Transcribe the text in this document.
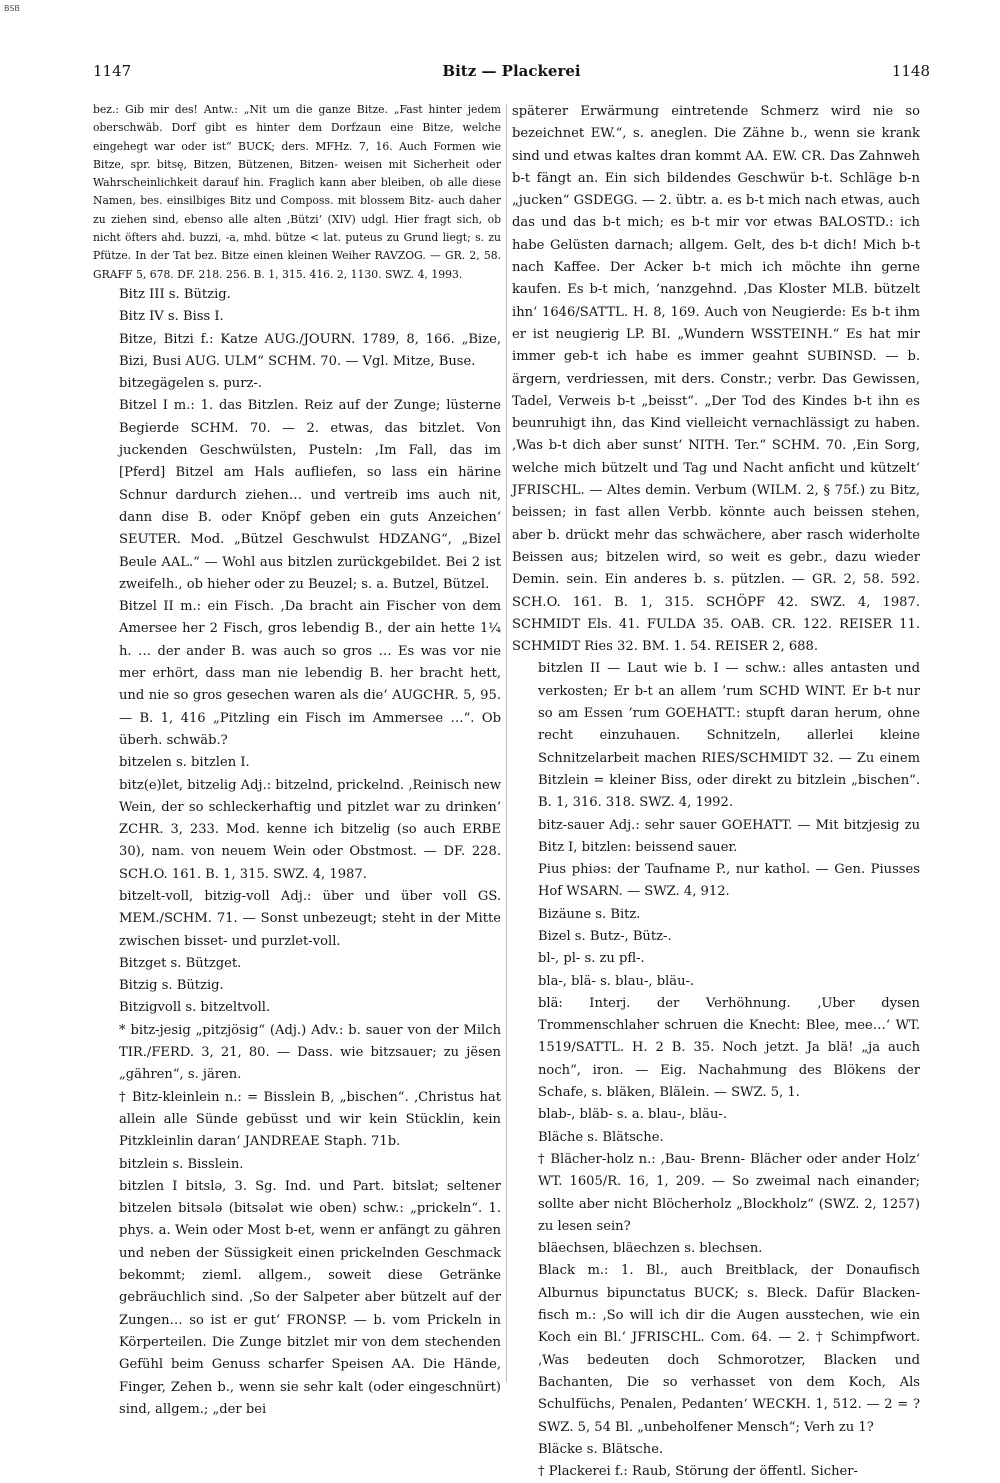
BSB
1147	Bitz — Plackerei	1148

bez.: Gib mir des! Antw.: „Nit um die ganze Bitze. „Fast hinter jedem oberschwäb. Dorf gibt es hinter dem Dorfzaun eine Bitze, welche eingehegt war oder ist“ BUCK; ders. MFHz. 7, 16. Auch Formen wie Bitze, spr. bitsę, Bitzen, Bützenen, Bitzen- weisen mit Sicherheit oder Wahrscheinlichkeit darauf hin. Fraglich kann aber bleiben, ob alle diese Namen, bes. einsilbiges Bitz und Composs. mit blossem Bitz- auch daher zu ziehen sind, ebenso alle alten ‚Bützi‘ (XIV) udgl. Hier fragt sich, ob nicht öfters ahd. buzzi, -a, mhd. bütze < lat. puteus zu Grund liegt; s. zu Pfütze. In der Tat bez. Bitze einen kleinen Weiher RAVZOG. — GR. 2, 58. GRAFF 5, 678. DF. 218. 256. B. 1, 315. 416. 2, 1130. SWZ. 4, 1993.

Bitz III s. Bützig.

Bitz IV s. Biss I.

Bitze, Bitzi f.: Katze AUG./JOURN. 1789, 8, 166. „Bize, Bizi, Busi AUG. ULM“ SCHM. 70. — Vgl. Mitze, Buse.

bitzegägelen s. purz-.

Bitzel I m.: 1. das Bitzlen. Reiz auf der Zunge; lüsterne Begierde SCHM. 70. — 2. etwas, das bitzlet. Von juckenden Geschwülsten, Pusteln: ‚Im Fall, das im [Pferd] Bitzel am Hals aufliefen, so lass ein härine Schnur dardurch ziehen… und vertreib ims auch nit, dann dise B. oder Knöpf geben ein guts Anzeichen‘ SEUTER. Mod. „Bützel Geschwulst HDZANG“, „Bizel Beule AAL.“ — Wohl aus bitzlen zurückgebildet. Bei 2 ist zweifelh., ob hieher oder zu Beuzel; s. a. Butzel, Bützel.

Bitzel II m.: ein Fisch. ‚Da bracht ain Fischer von dem Amersee her 2 Fisch, gros lebendig B., der ain hette 1¼ h. … der ander B. was auch so gros … Es was vor nie mer erhört, dass man nie lebendig B. her bracht hett, und nie so gros gesechen waren als die‘ AUGCHR. 5, 95. — B. 1, 416 „Pitzling ein Fisch im Ammersee …“. Ob überh. schwäb.?

bitzelen s. bitzlen I.

bitz(e)let, bitzelig Adj.: bitzelnd, prickelnd. ‚Reinisch new Wein, der so schleckerhaftig und pitzlet war zu drinken‘ ZCHR. 3, 233. Mod. kenne ich bitzelig (so auch ERBE 30), nam. von neuem Wein oder Obstmost. — DF. 228. SCH.O. 161. B. 1, 315. SWZ. 4, 1987.

bitzelt-voll, bitzig-voll Adj.: über und über voll GS. MEM./SCHM. 71. — Sonst unbezeugt; steht in der Mitte zwischen bisset- und purzlet-voll.

Bitzget s. Bützget.

Bitzig s. Bützig.

Bitzigvoll s. bitzeltvoll.

* bitz-jesig „pitzjösig“ (Adj.) Adv.: b. sauer von der Milch TIR./FERD. 3, 21, 80. — Dass. wie bitzsauer; zu jësen „gähren“, s. jären.

† Bitz-kleinlein n.: = Bisslein B, „bischen“. ‚Christus hat allein alle Sünde gebüsst und wir kein Stücklin, kein Pitzkleinlin daran‘ JANDREAE Staph. 71b.

bitzlein s. Bisslein.

bitzlen I bitslə, 3. Sg. Ind. und Part. bitslət; seltener bitzelen bitsələ (bitsələt wie oben) schw.: „prickeln“. 1. phys. a. Wein oder Most b-et, wenn er anfängt zu gähren und neben der Süssigkeit einen prickelnden Geschmack bekommt; zieml. allgem., soweit diese Getränke gebräuchlich sind. ‚So der Salpeter aber bützelt auf der Zungen… so ist er gut‘ FRONSP. — b. vom Prickeln in Körperteilen. Die Zunge bitzlet mir von dem stechenden Gefühl beim Genuss scharfer Speisen AA. Die Hände, Finger, Zehen b., wenn sie sehr kalt (oder eingeschnürt) sind, allgem.; „der bei

späterer Erwärmung eintretende Schmerz wird nie so bezeichnet EW.“, s. aneglen. Die Zähne b., wenn sie krank sind und etwas kaltes dran kommt AA. EW. CR. Das Zahnweh b-t fängt an. Ein sich bildendes Geschwür b-t. Schläge b-n „jucken“ GSDEGG. — 2. übtr. a. es b-t mich nach etwas, auch das und das b-t mich; es b-t mir vor etwas BALOSTD.: ich habe Gelüsten darnach; allgem. Gelt, des b-t dich! Mich b-t nach Kaffee. Der Acker b-t mich ich möchte ihn gerne kaufen. Es b-t mich, ’nanzgehnd. ‚Das Kloster MLB. bützelt ihn‘ 1646/SATTL. H. 8, 169. Auch von Neugierde: Es b-t ihm er ist neugierig LP. BI. „Wundern WSSTEINH.“ Es hat mir immer geb-t ich habe es immer geahnt SUBINSD. — b. ärgern, verdriessen, mit ders. Constr.; verbr. Das Gewissen, Tadel, Verweis b-t „beisst“. „Der Tod des Kindes b-t ihn es beunruhigt ihn, das Kind vielleicht vernachlässigt zu haben. ‚Was b-t dich aber sunst‘ NITH. Ter.“ SCHM. 70. ‚Ein Sorg, welche mich bützelt und Tag und Nacht anficht und kützelt‘ JFRISCHL. — Altes demin. Verbum (WILM. 2, § 75f.) zu Bitz, beissen; in fast allen Verbb. könnte auch beissen stehen, aber b. drückt mehr das schwächere, aber rasch widerholte Beissen aus; bitzelen wird, so weit es gebr., dazu wieder Demin. sein. Ein anderes b. s. pützlen. — GR. 2, 58. 592. SCH.O. 161. B. 1, 315. SCHÖPF 42. SWZ. 4, 1987. SCHMIDT Els. 41. FULDA 35. OAB. CR. 122. REISER 11. SCHMIDT Ries 32. BM. 1. 54. REISER 2, 688.

bitzlen II — Laut wie b. I — schw.: alles antasten und verkosten; Er b-t an allem ’rum SCHD WINT. Er b-t nur so am Essen ’rum GOEHATT.: stupft daran herum, ohne recht einzuhauen. Schnitzeln, allerlei kleine Schnitzelarbeit machen RIES/SCHMIDT 32. — Zu einem Bitzlein = kleiner Biss, oder direkt zu bitzlein „bischen“. B. 1, 316. 318. SWZ. 4, 1992.

bitz-sauer Adj.: sehr sauer GOEHATT. — Mit bitzjesig zu Bitz I, bitzlen: beissend sauer.

Pius phiəs: der Taufname P., nur kathol. — Gen. Piusses Hof WSARN. — SWZ. 4, 912.

Bizäune s. Bitz.

Bizel s. Butz-, Bütz-.

bl-, pl- s. zu pfl-.

bla-, blä- s. blau-, bläu-.

blä: Interj. der Verhöhnung. ‚Uber dysen Trommenschlaher schruen die Knecht: Blee, mee…‘ WT. 1519/SATTL. H. 2 B. 35. Noch jetzt. Ja blä! „ja auch noch“, iron. — Eig. Nachahmung des Blökens der Schafe, s. bläken, Blälein. — SWZ. 5, 1.

blab-, bläb- s. a. blau-, bläu-.

Bläche s. Blätsche.

† Blächer-holz n.: ‚Bau- Brenn- Blächer oder ander Holz‘ WT. 1605/R. 16, 1, 209. — So zweimal nach einander; sollte aber nicht Blöcherholz „Blockholz“ (SWZ. 2, 1257) zu lesen sein?

bläechsen, bläechzen s. blechsen.

Black m.: 1. Bl., auch Breitblack, der Donaufisch Alburnus bipunctatus BUCK; s. Bleck. Dafür Blacken-fisch m.: ‚So will ich dir die Augen ausstechen, wie ein Koch ein Bl.‘ JFRISCHL. Com. 64. — 2. † Schimpfwort. ‚Was bedeuten doch Schmorotzer, Blacken und Bachanten, Die so verhasset von dem Koch, Als Schulfüchs, Penalen, Pedanten‘ WECKH. 1, 512. — 2 = ? SWZ. 5, 54 Bl. „unbeholfener Mensch“; Verh zu 1?

Bläcke s. Blätsche.

† Plackerei f.: Raub, Störung der öffentl. Sicher-
